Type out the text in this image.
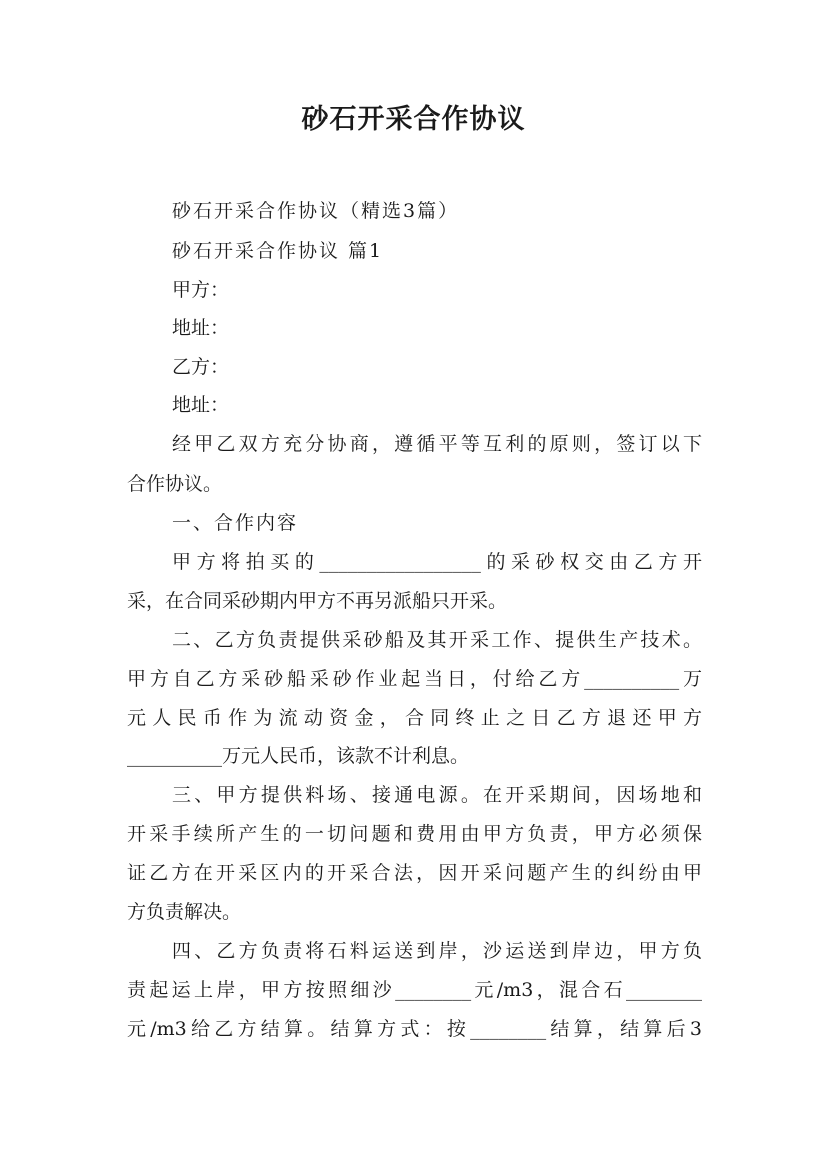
砂石开采合作协议
砂石开采合作协议（精选3篇）
砂石开采合作协议 篇1
甲方：
地址：
乙方：
地址：
经甲乙双方充分协商，遵循平等互利的原则，签订以下
合作协议。
一、合作内容
甲方将拍买的_________________的采砂权交由乙方开
采，在合同采砂期内甲方不再另派船只开采。
二、乙方负责提供采砂船及其开采工作、提供生产技术。
甲方自乙方采砂船采砂作业起当日，付给乙方__________万
元人民币作为流动资金，合同终止之日乙方退还甲方
__________万元人民币，该款不计利息。
三、甲方提供料场、接通电源。在开采期间，因场地和
开采手续所产生的一切问题和费用由甲方负责，甲方必须保
证乙方在开采区内的开采合法，因开采问题产生的纠纷由甲
方负责解决。
四、乙方负责将石料运送到岸，沙运送到岸边，甲方负
责起运上岸，甲方按照细沙________元/m3，混合石________
元/m3给乙方结算。结算方式：按________结算，结算后3
